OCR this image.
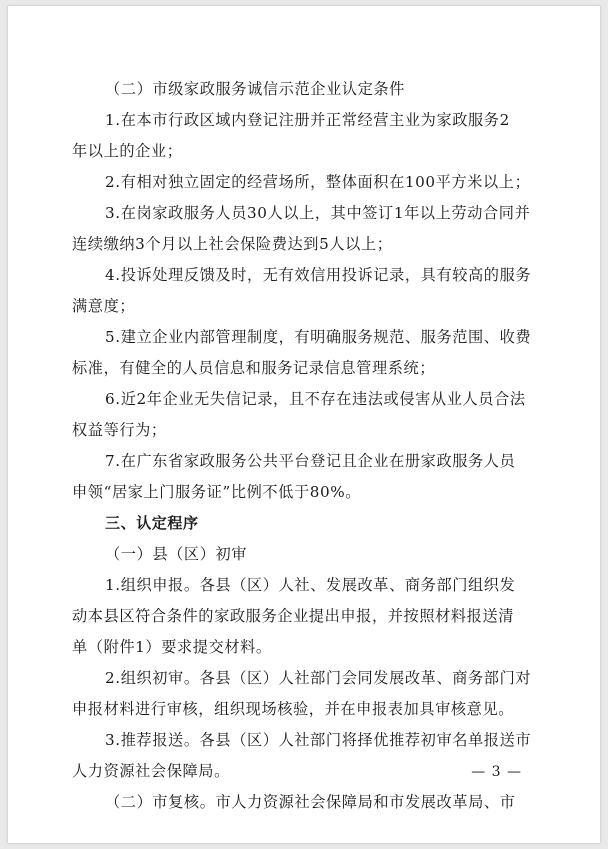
（二）市级家政服务诚信示范企业认定条件
1.在本市行政区域内登记注册并正常经营主业为家政服务2
年以上的企业；
2.有相对独立固定的经营场所，整体面积在100平方米以上；
3.在岗家政服务人员30人以上，其中签订1年以上劳动合同并
连续缴纳3个月以上社会保险费达到5人以上；
4.投诉处理反馈及时，无有效信用投诉记录，具有较高的服务
满意度；
5.建立企业内部管理制度，有明确服务规范、服务范围、收费
标准，有健全的人员信息和服务记录信息管理系统；
6.近2年企业无失信记录，且不存在违法或侵害从业人员合法
权益等行为；
7.在广东省家政服务公共平台登记且企业在册家政服务人员
申领“居家上门服务证”比例不低于80%。
三、认定程序
（一）县（区）初审
1.组织申报。各县（区）人社、发展改革、商务部门组织发
动本县区符合条件的家政服务企业提出申报，并按照材料报送清
单（附件1）要求提交材料。
2.组织初审。各县（区）人社部门会同发展改革、商务部门对
申报材料进行审核，组织现场核验，并在申报表加具审核意见。
3.推荐报送。各县（区）人社部门将择优推荐初审名单报送市
人力资源社会保障局。
（二）市复核。市人力资源社会保障局和市发展改革局、市
— 3 —
